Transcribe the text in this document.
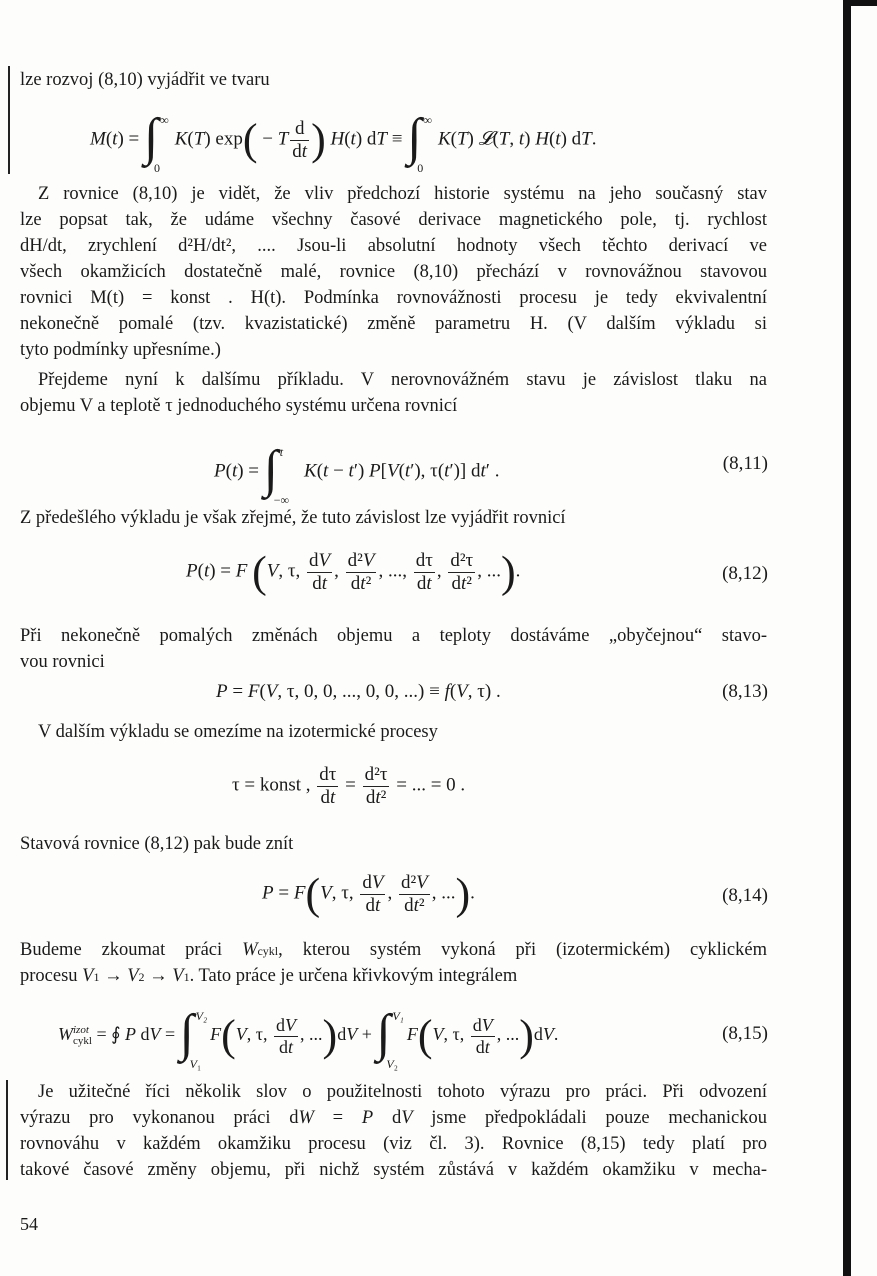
lze rozvoj (8,10) vyjádřit ve tvaru
M(t) = ∫ ∞
0
K(T) exp( − T $\frac{d}{dt}$ ) H(t) dT ≡ ∫ ∞
0
K(T) 𝓛(T, t) H(t) dT.
Z rovnice (8,10) je vidět, že vliv předchozí historie systému na jeho současný stav
lze popsat tak, že udáme všechny časové derivace magnetického pole, tj. rychlost
dH/dt, zrychlení d²H/dt², .... Jsou-li absolutní hodnoty všech těchto derivací ve
všech okamžicích dostatečně malé, rovnice (8,10) přechází v rovnovážnou stavovou
rovnici M(t) = konst . H(t). Podmínka rovnovážnosti procesu je tedy ekvivalentní
nekonečně pomalé (tzv. kvazistatické) změně parametru H. (V dalším výkladu si
tyto podmínky upřesníme.)
Přejdeme nyní k dalšímu příkladu. V nerovnovážném stavu je závislost tlaku na
objemu V a teplotě τ jednoduchého systému určena rovnicí
P(t) = ∫ t
−∞
K(t − t′) P[V(t′), τ(t′)] dt′ .	(8,11)
Z předešlého výkladu je však zřejmé, že tuto závislost lze vyjádřit rovnicí
P(t) = F (V, τ, $\frac{dV}{dt}$ , $\frac{\text{d²V}}{\text{dt²}}$ , ..., $\frac{d\tau}{dt}$ , $\frac{\text{d²τ}}{\text{dt²}}$ , ...).	(8,12)
Při nekonečně pomalých změnách objemu a teploty dostáváme „obyčejnou“ stavo-
vou rovnici
P = F(V, τ, 0, 0, ..., 0, 0, ...) ≡ f(V, τ) .	(8,13)
V dalším výkladu se omezíme na izotermické procesy
τ = konst , $\frac{d\tau}{dt} = \frac{\text{d²τ}}{\text{dt²}}$ = ... = 0 .
Stavová rovnice (8,12) pak bude znít
P = F(V, τ, $\frac{dV}{dt}$ , $\frac{\text{d²V}}{\text{dt²}}$ , ...).	(8,14)
Budeme zkoumat práci Wcykl, kterou systém vykoná při (izotermickém) cyklickém
procesu V1 → V2 → V1. Tato práce je určena křivkovým integrálem
Wizot
cykl = ∮ P dV = ∫ V₂
V₁
F(V, τ, $\frac{dV}{dt}$ , ...)dV + ∫ V₁
V₂
F(V, τ, $\frac{dV}{dt}$ , ...)dV.	(8,15)
Je užitečné říci několik slov o použitelnosti tohoto výrazu pro práci. Při odvození
výrazu pro vykonanou práci dW = P dV jsme předpokládali pouze mechanickou
rovnováhu v každém okamžiku procesu (viz čl. 3). Rovnice (8,15) tedy platí pro
takové časové změny objemu, při nichž systém zůstává v každém okamžiku v mecha-
54
